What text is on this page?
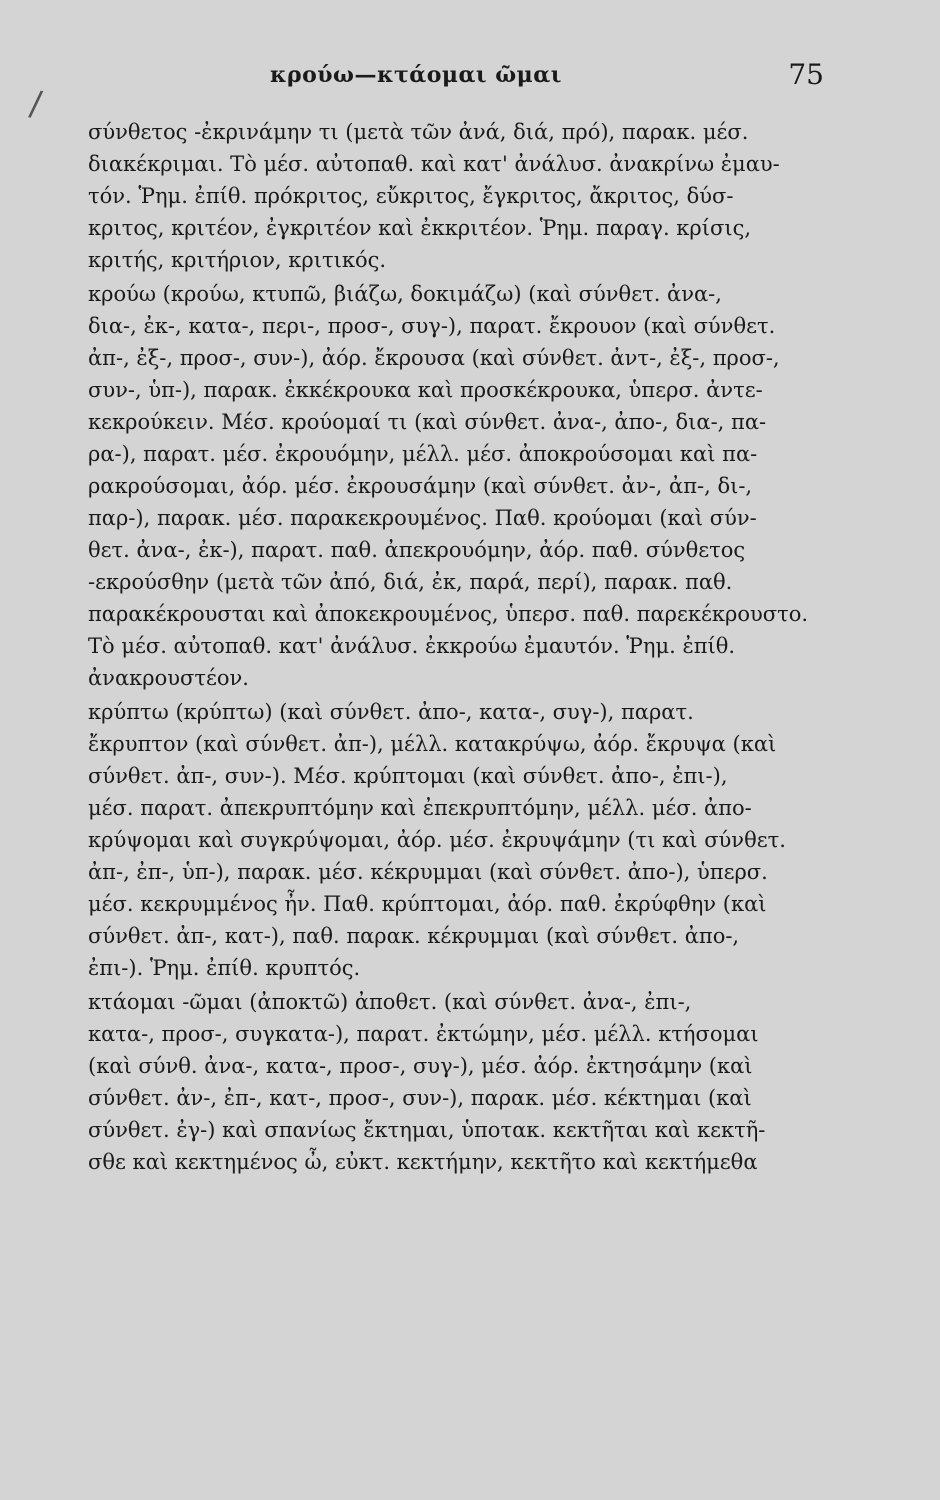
/
κρούω—κτάομαι ῶμαι	75
σύνθετος -ἐκρινάμην τι (μετὰ τῶν ἀνά, διά, πρό), παρακ. μέσ.
διακέκριμαι. Τὸ μέσ. αὐτοπαθ. καὶ κατ' ἀνάλυσ. ἀνακρίνω ἐμαυ-
τόν. Ῥημ. ἐπίθ. πρόκριτος, εὔκριτος, ἔγκριτος, ἄκριτος, δύσ-
κριτος, κριτέον, ἐγκριτέον καὶ ἐκκριτέον. Ῥημ. παραγ. κρίσις,
κριτής, κριτήριον, κριτικός.
κρούω (κρούω, κτυπῶ, βιάζω, δοκιμάζω) (καὶ σύνθετ. ἀνα-,
δια-, ἐκ-, κατα-, περι-, προσ-, συγ-), παρατ. ἔκρουον (καὶ σύνθετ.
ἀπ-, ἐξ-, προσ-, συν-), ἀόρ. ἔκρουσα (καὶ σύνθετ. ἀντ-, ἐξ-, προσ-,
συν-, ὑπ-), παρακ. ἐκκέκρουκα καὶ προσκέκρουκα, ὑπερσ. ἀντε-
κεκρούκειν. Μέσ. κρούομαί τι (καὶ σύνθετ. ἀνα-, ἀπο-, δια-, πα-
ρα-), παρατ. μέσ. ἐκρουόμην, μέλλ. μέσ. ἀποκρούσομαι καὶ πα-
ρακρούσομαι, ἀόρ. μέσ. ἐκρουσάμην (καὶ σύνθετ. ἀν-, ἀπ-, δι-,
παρ-), παρακ. μέσ. παρακεκρουμένος. Παθ. κρούομαι (καὶ σύν-
θετ. ἀνα-, ἐκ-), παρατ. παθ. ἀπεκρουόμην, ἀόρ. παθ. σύνθετος
-εκρούσθην (μετὰ τῶν ἀπό, διά, ἐκ, παρά, περί), παρακ. παθ.
παρακέκρουσται καὶ ἀποκεκρουμένος, ὑπερσ. παθ. παρεκέκρουστο.
Τὸ μέσ. αὐτοπαθ. κατ' ἀνάλυσ. ἐκκρούω ἐμαυτόν. Ῥημ. ἐπίθ.
ἀνακρουστέον.
κρύπτω (κρύπτω) (καὶ σύνθετ. ἀπο-, κατα-, συγ-), παρατ.
ἔκρυπτον (καὶ σύνθετ. ἀπ-), μέλλ. κατακρύψω, ἀόρ. ἔκρυψα (καὶ
σύνθετ. ἀπ-, συν-). Μέσ. κρύπτομαι (καὶ σύνθετ. ἀπο-, ἐπι-),
μέσ. παρατ. ἀπεκρυπτόμην καὶ ἐπεκρυπτόμην, μέλλ. μέσ. ἀπο-
κρύψομαι καὶ συγκρύψομαι, ἀόρ. μέσ. ἐκρυψάμην (τι καὶ σύνθετ.
ἀπ-, ἐπ-, ὑπ-), παρακ. μέσ. κέκρυμμαι (καὶ σύνθετ. ἀπο-), ὑπερσ.
μέσ. κεκρυμμένος ἦν. Παθ. κρύπτομαι, ἀόρ. παθ. ἐκρύφθην (καὶ
σύνθετ. ἀπ-, κατ-), παθ. παρακ. κέκρυμμαι (καὶ σύνθετ. ἀπο-,
ἐπι-). Ῥημ. ἐπίθ. κρυπτός.
κτάομαι -ῶμαι (ἀποκτῶ) ἀποθετ. (καὶ σύνθετ. ἀνα-, ἐπι-,
κατα-, προσ-, συγκατα-), παρατ. ἐκτώμην, μέσ. μέλλ. κτήσομαι
(καὶ σύνθ. ἀνα-, κατα-, προσ-, συγ-), μέσ. ἀόρ. ἐκτησάμην (καὶ
σύνθετ. ἀν-, ἐπ-, κατ-, προσ-, συν-), παρακ. μέσ. κέκτημαι (καὶ
σύνθετ. ἐγ-) καὶ σπανίως ἔκτημαι, ὑποτακ. κεκτῆται καὶ κεκτῆ-
σθε καὶ κεκτημένος ὦ, εὐκτ. κεκτήμην, κεκτῆτο καὶ κεκτήμεθα
